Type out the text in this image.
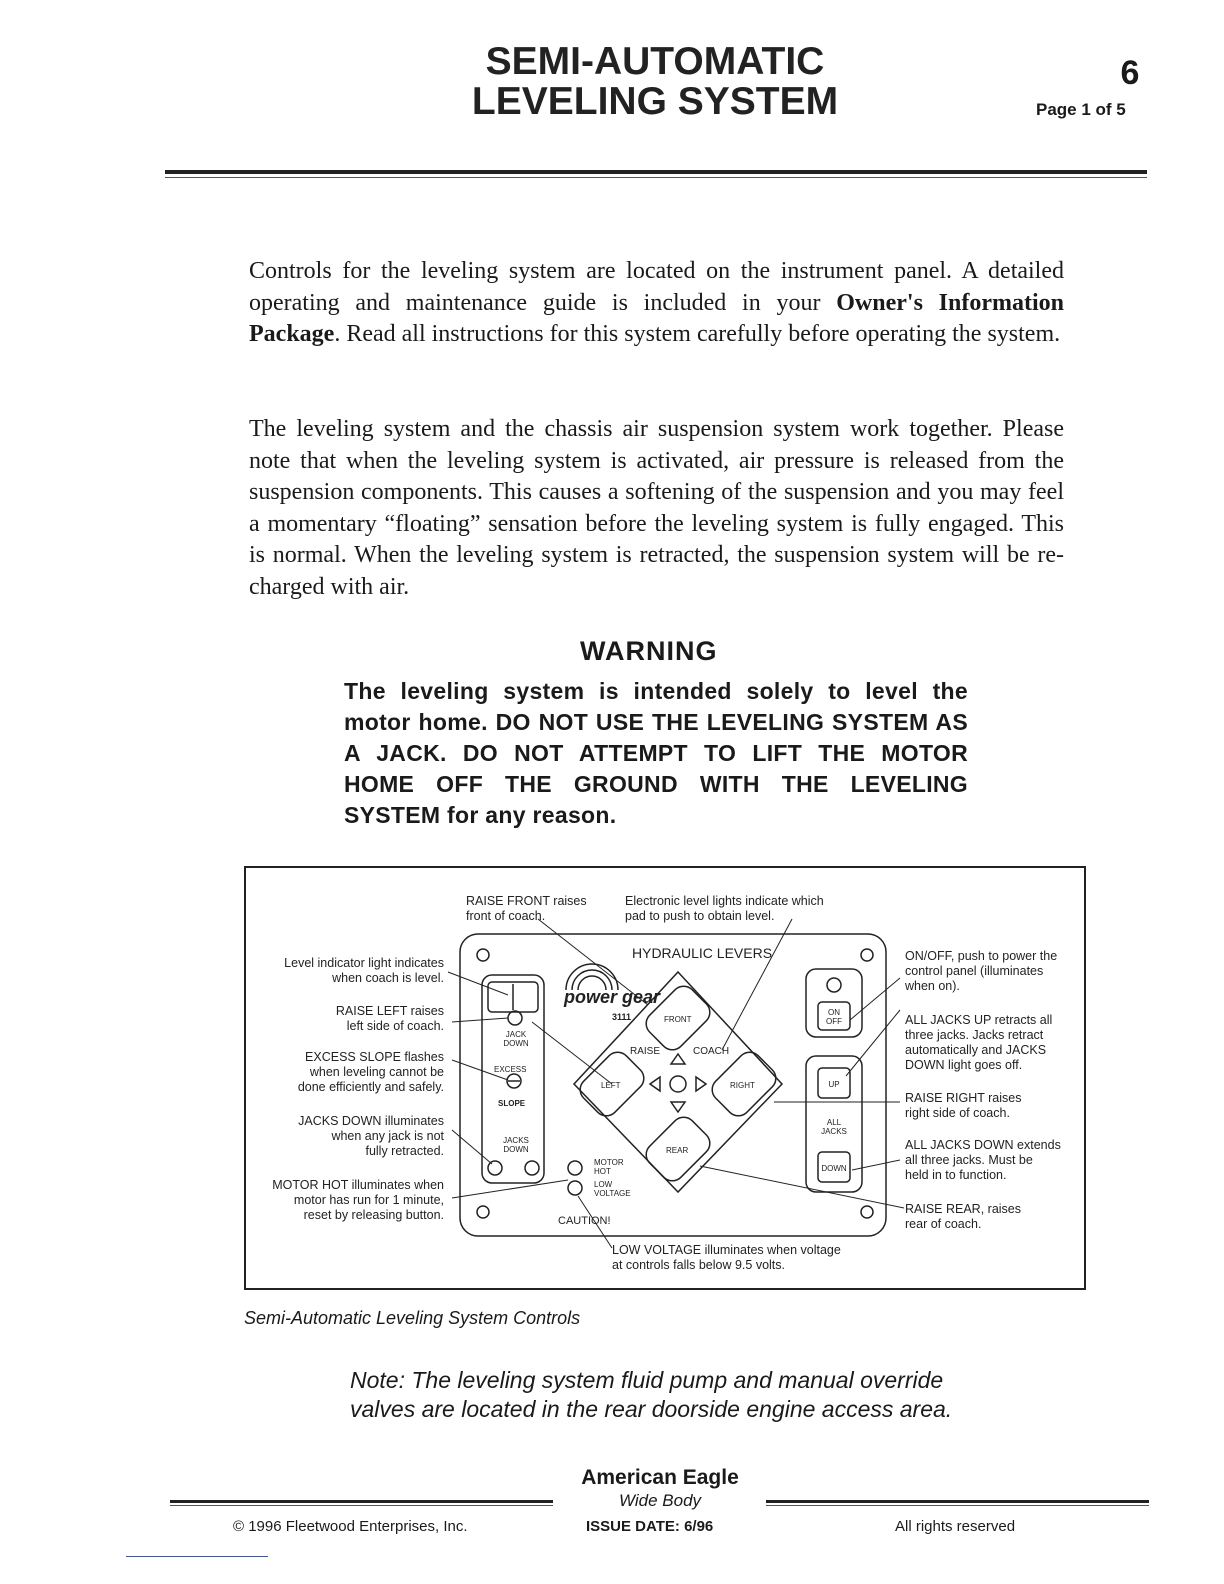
SEMI-AUTOMATIC
LEVELING SYSTEM
6
Page 1 of 5
Controls for the leveling system are located on the instrument panel. A detailed operating and maintenance guide is included in your Owner's Information Package. Read all instructions for this system carefully before operating the system.
The leveling system and the chassis air suspension system work together. Please note that when the leveling system is activated, air pressure is released from the suspension components. This causes a softening of the suspension and you may feel a momentary “floating” sensation before the leveling system is fully engaged. This is normal. When the leveling system is retracted, the suspension system will be re-charged with air.
WARNING
The leveling system is intended solely to level the motor home. DO NOT USE THE LEVELING SYSTEM AS A JACK. DO NOT ATTEMPT TO LIFT THE MOTOR HOME OFF THE GROUND WITH THE LEVELING SYSTEM for any reason.
power gear
3111
HYDRAULIC LEVERS
FRONT
LEFT	RIGHT
REAR
RAISE	COACH
JACK DOWN
EXCESS
SLOPE
JACKS DOWN
MOTOR HOT
LOW VOLTAGE
ON OFF
UP
ALL JACKS
DOWN
CAUTION!
RAISE FRONT raises
front of coach.
Electronic level lights indicate which
pad to push to obtain level.
Level indicator light indicates
when coach is level.
RAISE LEFT raises
left side of coach.
EXCESS SLOPE flashes
when leveling cannot be
done efficiently and safely.
JACKS DOWN illuminates
when any jack is not
fully retracted.
MOTOR HOT illuminates when
motor has run for 1 minute,
reset by releasing button.
ON/OFF, push to power the
control panel (illuminates
when on).
ALL JACKS UP retracts all
three jacks. Jacks retract
automatically and JACKS
DOWN light goes off.
RAISE RIGHT raises
right side of coach.
ALL JACKS DOWN extends
all three jacks. Must be
held in to function.
RAISE REAR, raises
rear of coach.
LOW VOLTAGE illuminates when voltage
at controls falls below 9.5 volts.
Semi-Automatic Leveling System Controls
Note: The leveling system fluid pump and manual override valves are located in the rear doorside engine access area.
American Eagle
Wide Body
© 1996 Fleetwood Enterprises, Inc.	ISSUE DATE: 6/96	All rights reserved
